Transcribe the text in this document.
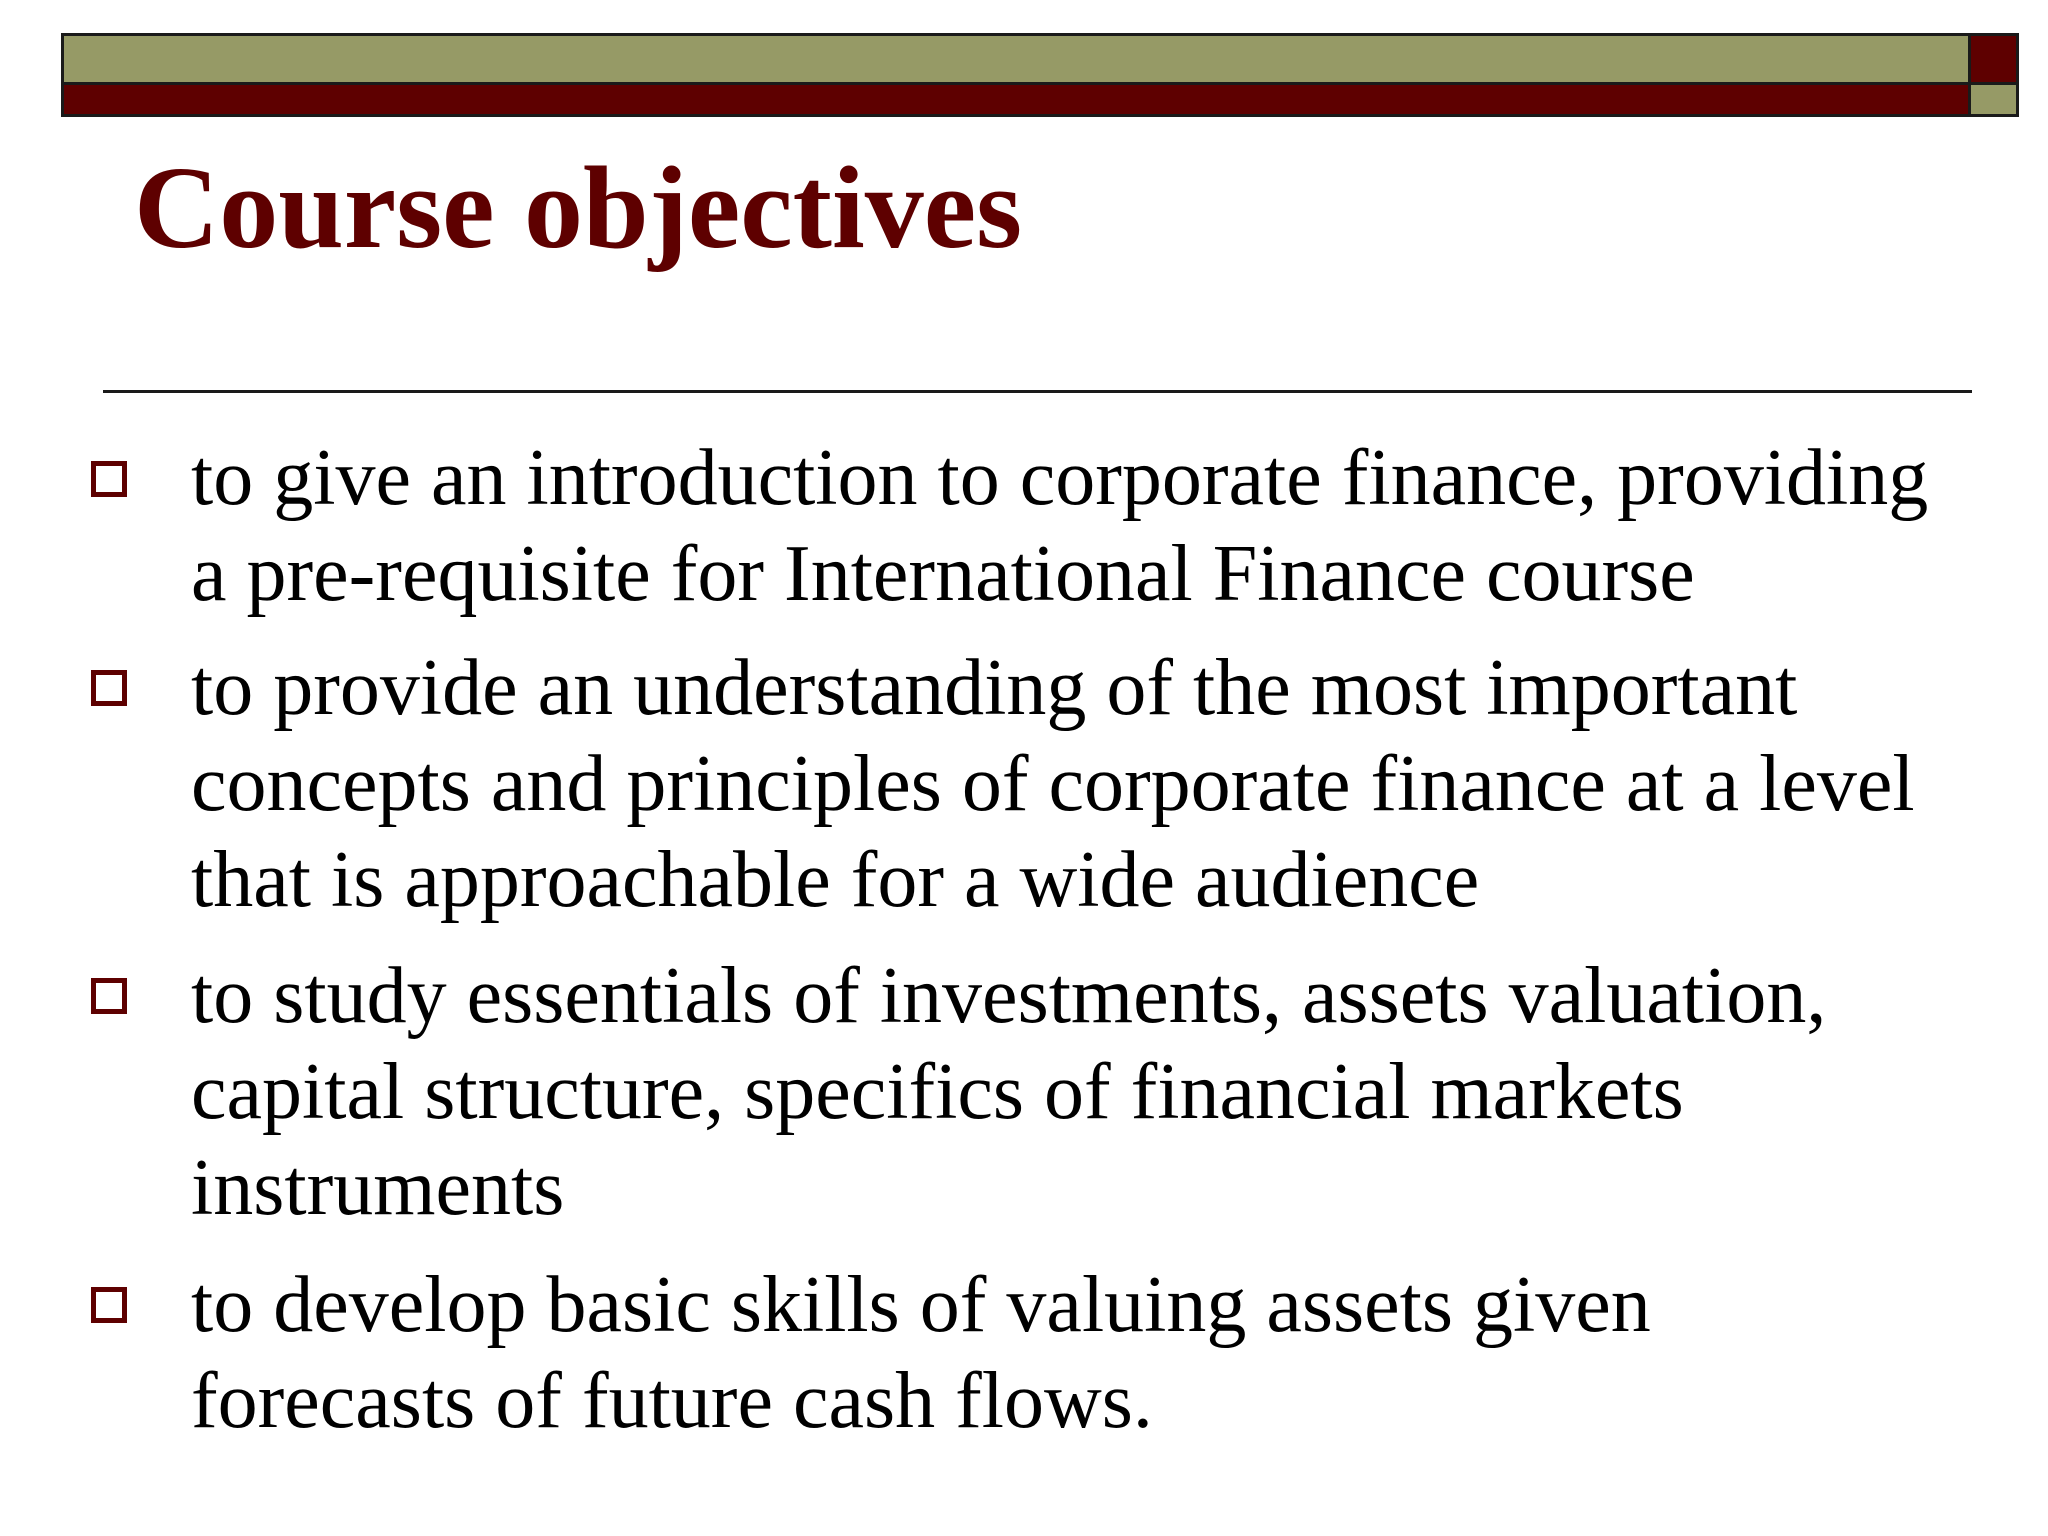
Course objectives

to give an introduction to corporate finance, providing
a pre-requisite for International Finance course

to provide an understanding of the most important
concepts and principles of corporate finance at a level
that is approachable for a wide audience

to study essentials of investments, assets valuation,
capital structure, specifics of financial markets
instruments

to develop basic skills of valuing assets given
forecasts of future cash flows.
